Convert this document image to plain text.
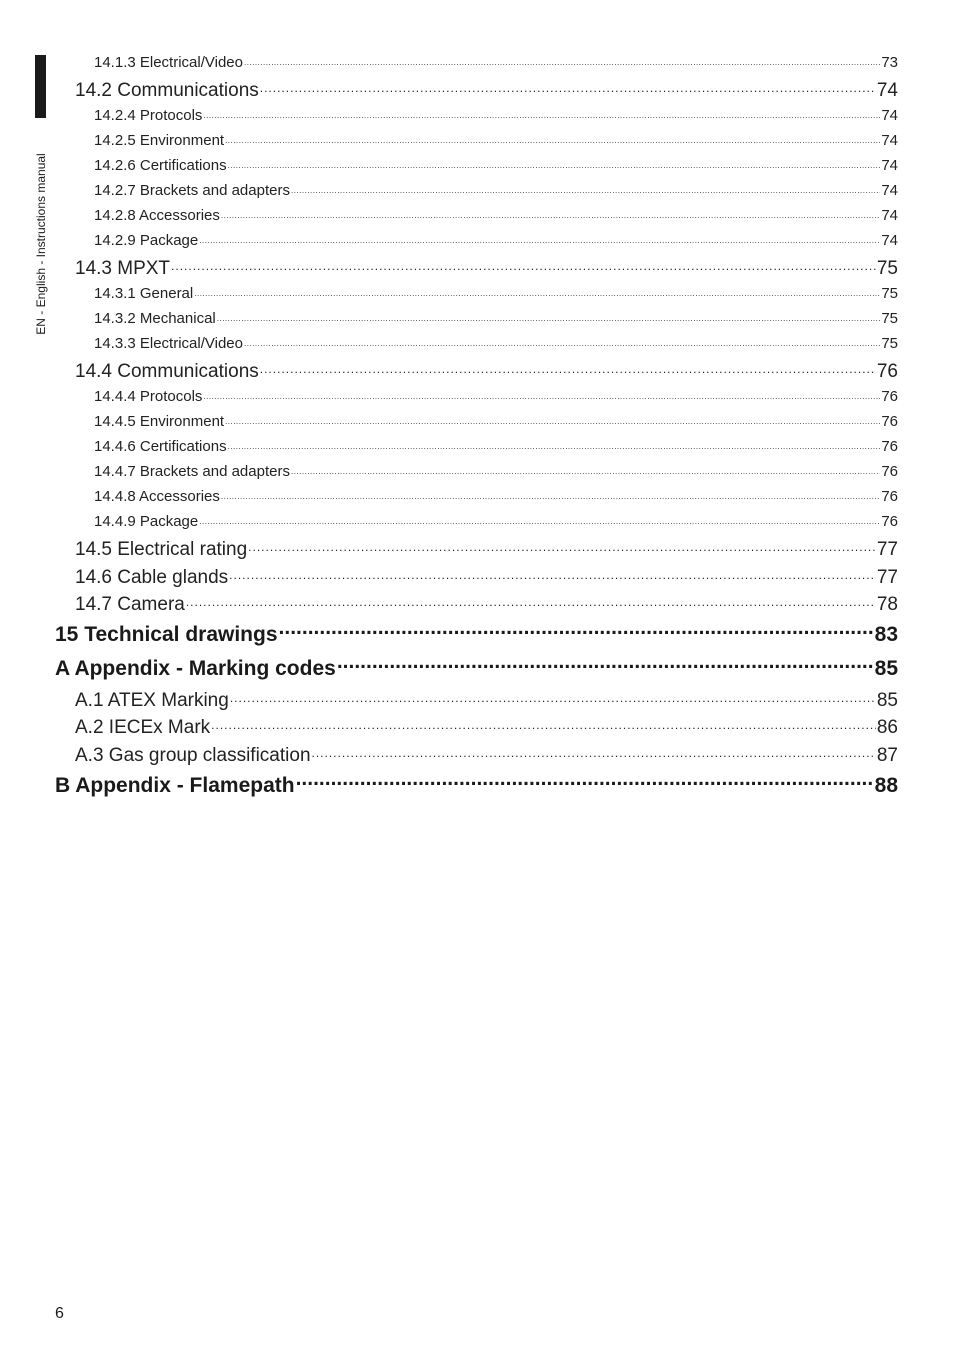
EN - English - Instructions manual
14.1.3 Electrical/Video .....	73
14.2 Communications .....	74
14.2.4 Protocols .....	74
14.2.5 Environment .....	74
14.2.6 Certifications .....	74
14.2.7 Brackets and adapters .....	74
14.2.8 Accessories .....	74
14.2.9 Package .....	74
14.3 MPXT .....	75
14.3.1 General .....	75
14.3.2 Mechanical .....	75
14.3.3 Electrical/Video .....	75
14.4 Communications .....	76
14.4.4 Protocols .....	76
14.4.5 Environment .....	76
14.4.6 Certifications .....	76
14.4.7 Brackets and adapters .....	76
14.4.8 Accessories .....	76
14.4.9 Package .....	76
14.5 Electrical rating .....	77
14.6 Cable glands .....	77
14.7 Camera .....	78
15 Technical drawings .....	83
A Appendix - Marking codes .....	85
A.1 ATEX Marking .....	85
A.2 IECEx Mark .....	86
A.3 Gas group classification .....	87
B Appendix - Flamepath .....	88
6
